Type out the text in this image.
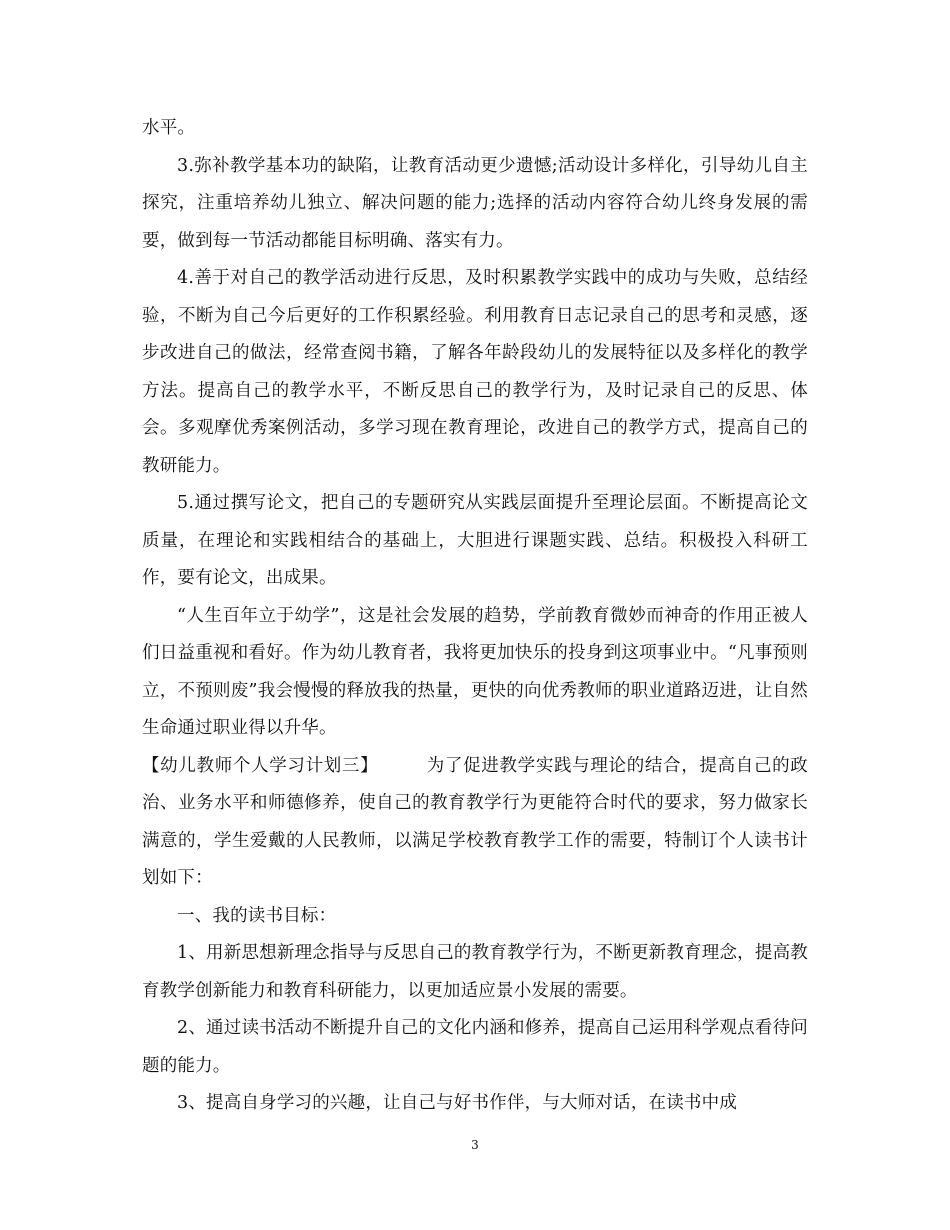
水平。

3.弥补教学基本功的缺陷，让教育活动更少遗憾;活动设计多样化，引导幼儿自主探究，注重培养幼儿独立、解决问题的能力;选择的活动内容符合幼儿终身发展的需要，做到每一节活动都能目标明确、落实有力。

4.善于对自己的教学活动进行反思，及时积累教学实践中的成功与失败，总结经验，不断为自己今后更好的工作积累经验。利用教育日志记录自己的思考和灵感，逐步改进自己的做法，经常查阅书籍，了解各年龄段幼儿的发展特征以及多样化的教学方法。提高自己的教学水平，不断反思自己的教学行为，及时记录自己的反思、体会。多观摩优秀案例活动，多学习现在教育理论，改进自己的教学方式，提高自己的教研能力。

5.通过撰写论文，把自己的专题研究从实践层面提升至理论层面。不断提高论文质量，在理论和实践相结合的基础上，大胆进行课题实践、总结。积极投入科研工作，要有论文，出成果。

“人生百年立于幼学”，这是社会发展的趋势，学前教育微妙而神奇的作用正被人们日益重视和看好。作为幼儿教育者，我将更加快乐的投身到这项事业中。“凡事预则立，不预则废”我会慢慢的释放我的热量，更快的向优秀教师的职业道路迈进，让自然生命通过职业得以升华。

【幼儿教师个人学习计划三】	为了促进教学实践与理论的结合，提高自己的政治、业务水平和师德修养，使自己的教育教学行为更能符合时代的要求，努力做家长满意的，学生爱戴的人民教师，以满足学校教育教学工作的需要，特制订个人读书计划如下：

一、我的读书目标：

1、用新思想新理念指导与反思自己的教育教学行为，不断更新教育理念，提高教育教学创新能力和教育科研能力，以更加适应景小发展的需要。

2、通过读书活动不断提升自己的文化内涵和修养，提高自己运用科学观点看待问题的能力。

3、提高自身学习的兴趣，让自己与好书作伴，与大师对话，在读书中成

3
